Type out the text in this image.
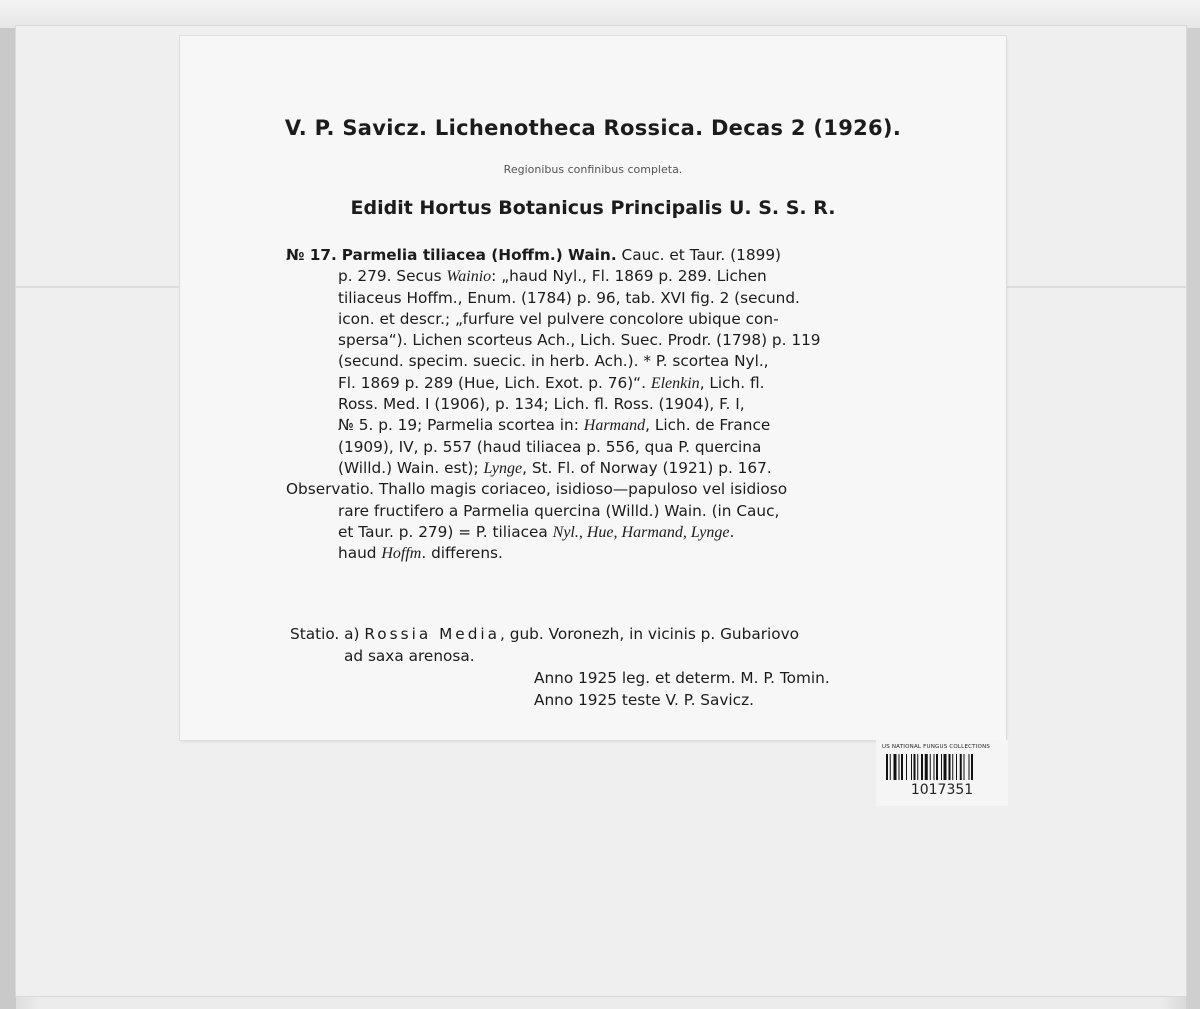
V. P. Savicz. Lichenotheca Rossica. Decas 2 (1926).
Regionibus confinibus completa.
Edidit Hortus Botanicus Principalis U. S. S. R.
№ 17. Parmelia tiliacea (Hoffm.) Wain. Cauc. et Taur. (1899)
p. 279. Secus Wainio: „haud Nyl., Fl. 1869 p. 289. Lichen
tiliaceus Hoffm., Enum. (1784) p. 96, tab. XVI fig. 2 (secund.
icon. et descr.; „furfure vel pulvere concolore ubique con-
spersa“). Lichen scorteus Ach., Lich. Suec. Prodr. (1798) p. 119
(secund. specim. suecic. in herb. Ach.). * P. scortea Nyl.,
Fl. 1869 p. 289 (Hue, Lich. Exot. p. 76)“. Elenkin, Lich. fl.
Ross. Med. I (1906), p. 134; Lich. fl. Ross. (1904), F. I,
№ 5. p. 19; Parmelia scortea in: Harmand, Lich. de France
(1909), IV, p. 557 (haud tiliacea p. 556, qua P. quercina
(Willd.) Wain. est); Lynge, St. Fl. of Norway (1921) p. 167.
Observatio. Thallo magis coriaceo, isidioso—papuloso vel isidioso
rare fructifero a Parmelia quercina (Willd.) Wain. (in Cauc,
et Taur. p. 279) = P. tiliacea Nyl., Hue, Harmand, Lynge.
haud Hoffm. differens.
Statio. a) Rossia Media, gub. Voronezh, in vicinis p. Gubariovo
ad saxa arenosa.
Anno 1925 leg. et determ. M. P. Tomin.
Anno 1925 teste V. P. Savicz.
US NATIONAL FUNGUS COLLECTIONS
1017351
